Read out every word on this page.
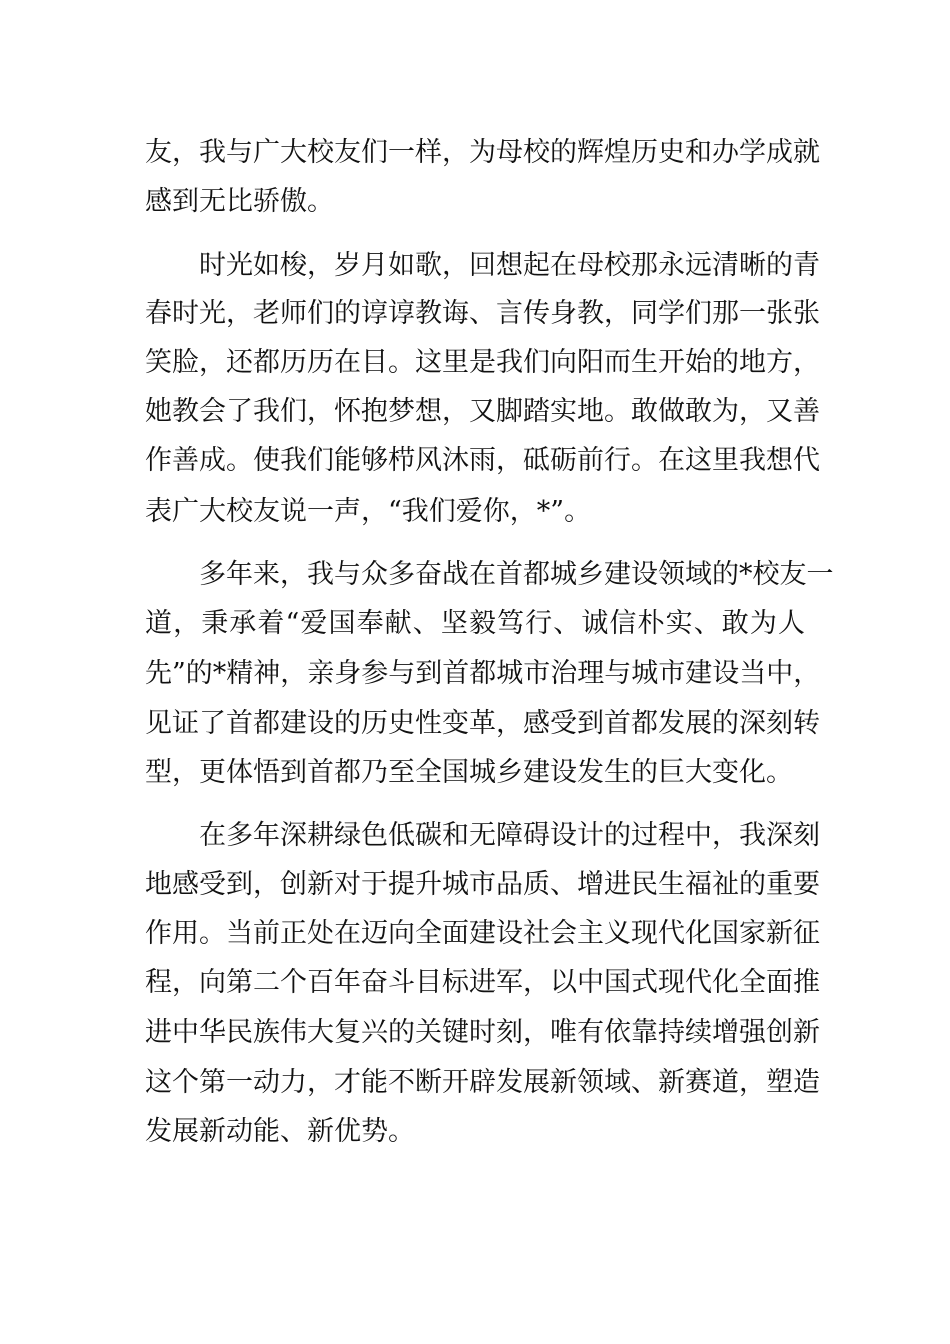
友，我与广大校友们一样，为母校的辉煌历史和办学成就
感到无比骄傲。
时光如梭，岁月如歌，回想起在母校那永远清晰的青
春时光，老师们的谆谆教诲、言传身教，同学们那一张张
笑脸，还都历历在目。这里是我们向阳而生开始的地方，
她教会了我们，怀抱梦想，又脚踏实地。敢做敢为，又善
作善成。使我们能够栉风沐雨，砥砺前行。在这里我想代
表广大校友说一声，“我们爱你，*”。
多年来，我与众多奋战在首都城乡建设领域的*校友一
道，秉承着“爱国奉献、坚毅笃行、诚信朴实、敢为人
先”的*精神，亲身参与到首都城市治理与城市建设当中，
见证了首都建设的历史性变革，感受到首都发展的深刻转
型，更体悟到首都乃至全国城乡建设发生的巨大变化。
在多年深耕绿色低碳和无障碍设计的过程中，我深刻
地感受到，创新对于提升城市品质、增进民生福祉的重要
作用。当前正处在迈向全面建设社会主义现代化国家新征
程，向第二个百年奋斗目标进军，以中国式现代化全面推
进中华民族伟大复兴的关键时刻，唯有依靠持续增强创新
这个第一动力，才能不断开辟发展新领域、新赛道，塑造
发展新动能、新优势。
